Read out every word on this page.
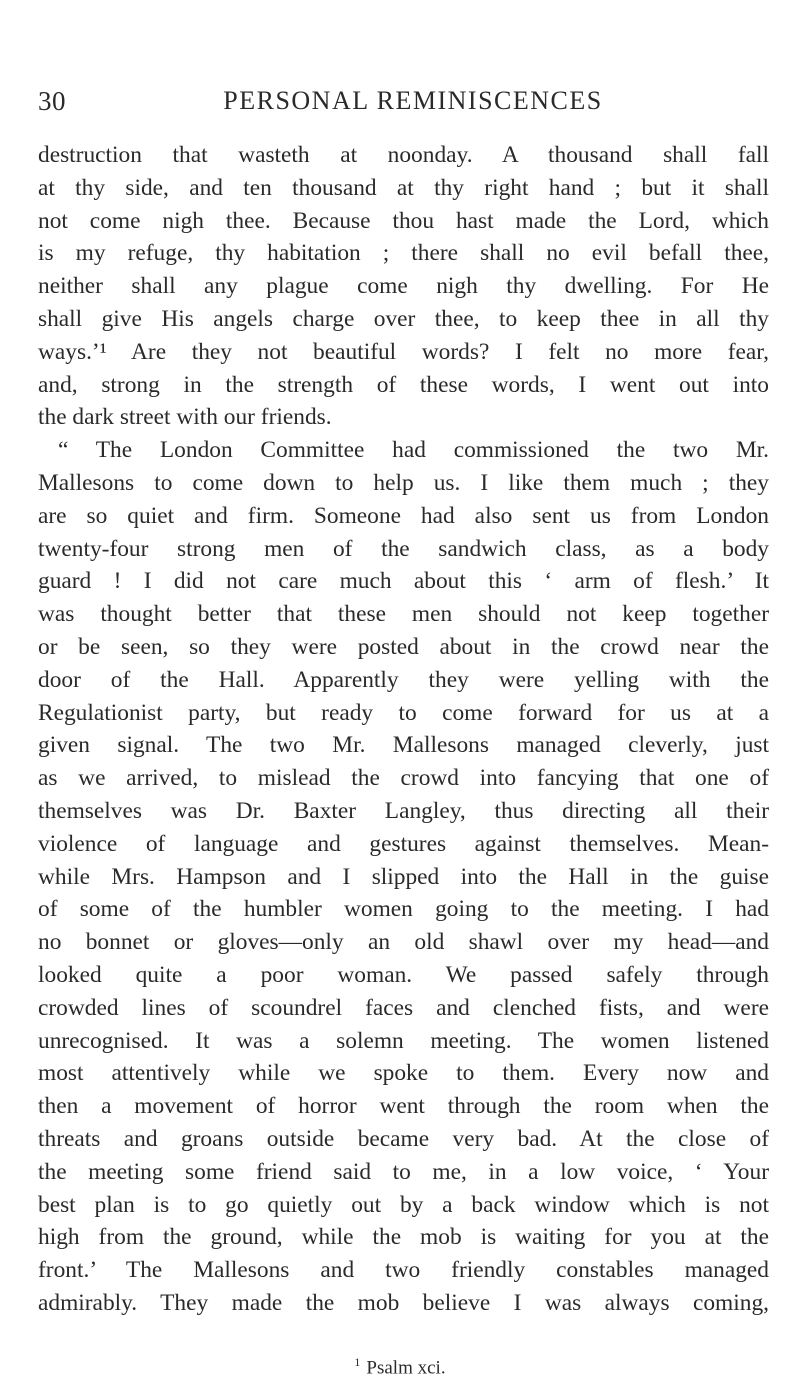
30	PERSONAL REMINISCENCES
destruction that wasteth at noonday. A thousand shall fall
at thy side, and ten thousand at thy right hand ; but it shall
not come nigh thee. Because thou hast made the Lord, which
is my refuge, thy habitation ; there shall no evil befall thee,
neither shall any plague come nigh thy dwelling. For He
shall give His angels charge over thee, to keep thee in all thy
ways.’¹ Are they not beautiful words? I felt no more fear,
and, strong in the strength of these words, I went out into
the dark street with our friends.
“ The London Committee had commissioned the two Mr.
Mallesons to come down to help us. I like them much ; they
are so quiet and firm. Someone had also sent us from London
twenty-four strong men of the sandwich class, as a body
guard ! I did not care much about this ‘ arm of flesh.’ It
was thought better that these men should not keep together
or be seen, so they were posted about in the crowd near the
door of the Hall. Apparently they were yelling with the
Regulationist party, but ready to come forward for us at a
given signal. The two Mr. Mallesons managed cleverly, just
as we arrived, to mislead the crowd into fancying that one of
themselves was Dr. Baxter Langley, thus directing all their
violence of language and gestures against themselves. Mean-
while Mrs. Hampson and I slipped into the Hall in the guise
of some of the humbler women going to the meeting. I had
no bonnet or gloves—only an old shawl over my head—and
looked quite a poor woman. We passed safely through
crowded lines of scoundrel faces and clenched fists, and were
unrecognised. It was a solemn meeting. The women listened
most attentively while we spoke to them. Every now and
then a movement of horror went through the room when the
threats and groans outside became very bad. At the close of
the meeting some friend said to me, in a low voice, ‘ Your
best plan is to go quietly out by a back window which is not
high from the ground, while the mob is waiting for you at the
front.’ The Mallesons and two friendly constables managed
admirably. They made the mob believe I was always coming,
$^1$ Psalm xci.
